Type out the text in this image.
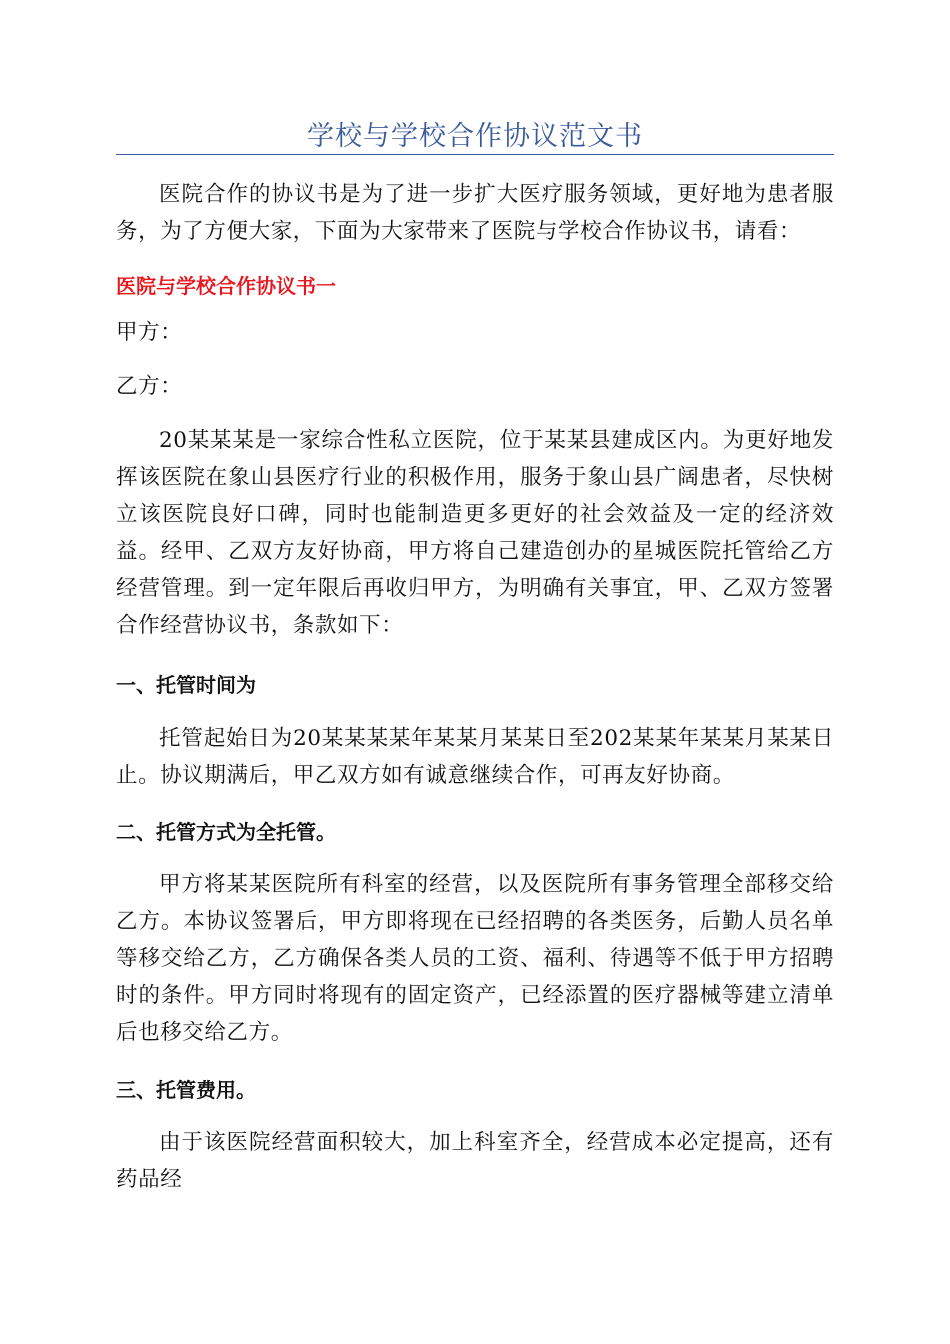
学校与学校合作协议范文书

医院合作的协议书是为了进一步扩大医疗服务领域，更好地为患者服务，为了方便大家，下面为大家带来了医院与学校合作协议书，请看：

医院与学校合作协议书一

甲方：

乙方：

20某某某是一家综合性私立医院，位于某某县建成区内。为更好地发挥该医院在象山县医疗行业的积极作用，服务于象山县广阔患者，尽快树立该医院良好口碑，同时也能制造更多更好的社会效益及一定的经济效益。经甲、乙双方友好协商，甲方将自己建造创办的星城医院托管给乙方经营管理。到一定年限后再收归甲方，为明确有关事宜，甲、乙双方签署合作经营协议书，条款如下：

一、托管时间为

托管起始日为20某某某某年某某月某某日至202某某年某某月某某日止。协议期满后，甲乙双方如有诚意继续合作，可再友好协商。

二、托管方式为全托管。

甲方将某某医院所有科室的经营，以及医院所有事务管理全部移交给乙方。本协议签署后，甲方即将现在已经招聘的各类医务，后勤人员名单等移交给乙方，乙方确保各类人员的工资、福利、待遇等不低于甲方招聘时的条件。甲方同时将现有的固定资产，已经添置的医疗器械等建立清单后也移交给乙方。

三、托管费用。

由于该医院经营面积较大，加上科室齐全，经营成本必定提高，还有药品经
